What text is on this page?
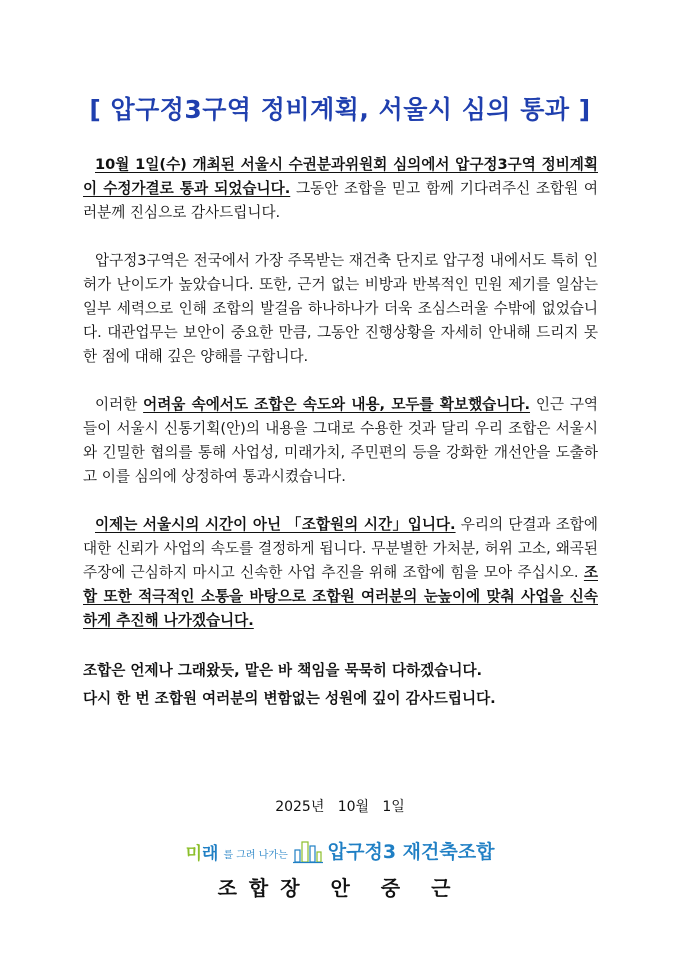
[ 압구정3구역 정비계획, 서울시 심의 통과 ]

10월 1일(수) 개최된 서울시 수권분과위원회 심의에서 압구정3구역 정비계획이 수정가결로 통과 되었습니다. 그동안 조합을 믿고 함께 기다려주신 조합원 여러분께 진심으로 감사드립니다.

압구정3구역은 전국에서 가장 주목받는 재건축 단지로 압구정 내에서도 특히 인허가 난이도가 높았습니다. 또한, 근거 없는 비방과 반복적인 민원 제기를 일삼는 일부 세력으로 인해 조합의 발걸음 하나하나가 더욱 조심스러울 수밖에 없었습니다. 대관업무는 보안이 중요한 만큼, 그동안 진행상황을 자세히 안내해 드리지 못한 점에 대해 깊은 양해를 구합니다.

이러한 어려움 속에서도 조합은 속도와 내용, 모두를 확보했습니다. 인근 구역들이 서울시 신통기획(안)의 내용을 그대로 수용한 것과 달리 우리 조합은 서울시와 긴밀한 협의를 통해 사업성, 미래가치, 주민편의 등을 강화한 개선안을 도출하고 이를 심의에 상정하여 통과시켰습니다.

이제는 서울시의 시간이 아닌 「조합원의 시간」입니다. 우리의 단결과 조합에 대한 신뢰가 사업의 속도를 결정하게 됩니다. 무분별한 가처분, 허위 고소, 왜곡된 주장에 근심하지 마시고 신속한 사업 추진을 위해 조합에 힘을 모아 주십시오. 조합 또한 적극적인 소통을 바탕으로 조합원 여러분의 눈높이에 맞춰 사업을 신속하게 추진해 나가겠습니다.

조합은 언제나 그래왔듯, 맡은 바 책임을 묵묵히 다하겠습니다.

다시 한 번 조합원 여러분의 변함없는 성원에 깊이 감사드립니다.

2025년   10월   1일
미래 를 그려 나가는 압구정3 재건축조합
조합장 안 중 근
